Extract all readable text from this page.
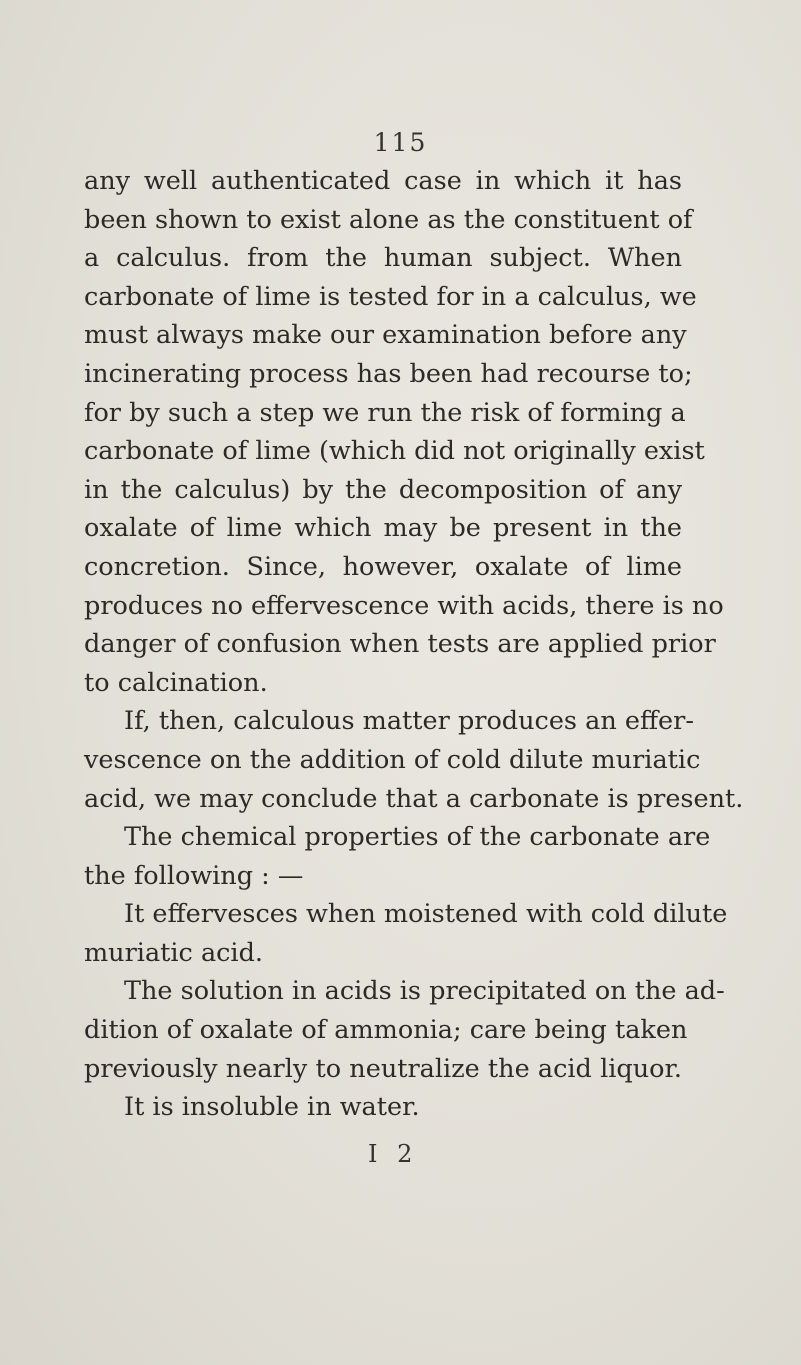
115
any well authenticated case in which it has
been shown to exist alone as the constituent of
a calculus. from the human subject. When
carbonate of lime is tested for in a calculus, we
must always make our examination before any
incinerating process has been had recourse to;
for by such a step we run the risk of forming a
carbonate of lime (which did not originally exist
in the calculus) by the decomposition of any
oxalate of lime which may be present in the
concretion. Since, however, oxalate of lime
produces no effervescence with acids, there is no
danger of confusion when tests are applied prior
to calcination.
If, then, calculous matter produces an effer-
vescence on the addition of cold dilute muriatic
acid, we may conclude that a carbonate is present.
The chemical properties of the carbonate are
the following : —
It effervesces when moistened with cold dilute
muriatic acid.
The solution in acids is precipitated on the ad-
dition of oxalate of ammonia; care being taken
previously nearly to neutralize the acid liquor.
It is insoluble in water.
I 2
